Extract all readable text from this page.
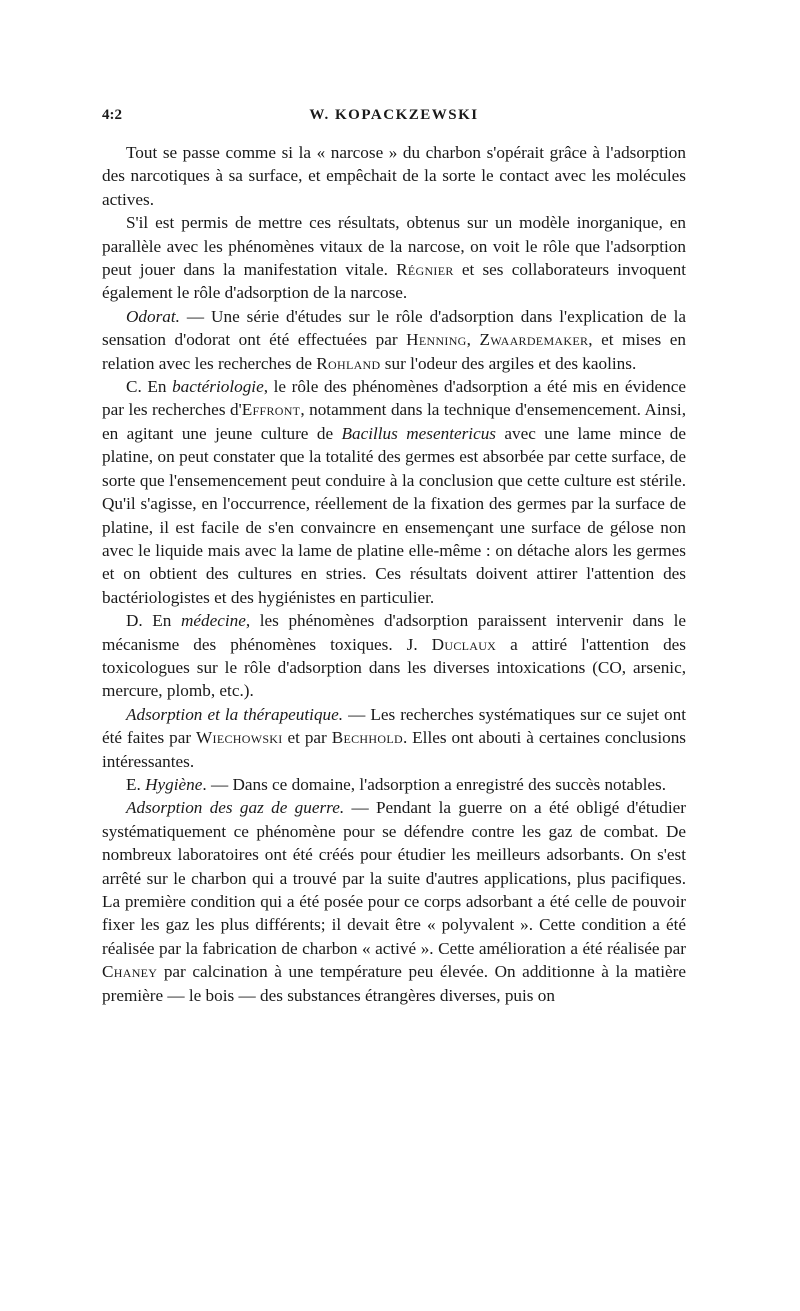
4:2	W. KOPACKZEWSKI

Tout se passe comme si la « narcose » du charbon s'opérait grâce à l'adsorption des narcotiques à sa surface, et empêchait de la sorte le contact avec les molécules actives.

S'il est permis de mettre ces résultats, obtenus sur un modèle inorganique, en parallèle avec les phénomènes vitaux de la narcose, on voit le rôle que l'adsorption peut jouer dans la manifestation vitale. Régnier et ses collaborateurs invoquent également le rôle d'adsorption de la narcose.

Odorat. — Une série d'études sur le rôle d'adsorption dans l'explication de la sensation d'odorat ont été effectuées par Henning, Zwaardemaker, et mises en relation avec les recherches de Rohland sur l'odeur des argiles et des kaolins.

C. En bactériologie, le rôle des phénomènes d'adsorption a été mis en évidence par les recherches d'Effront, notamment dans la technique d'ensemencement. Ainsi, en agitant une jeune culture de Bacillus mesentericus avec une lame mince de platine, on peut constater que la totalité des germes est absorbée par cette surface, de sorte que l'ensemencement peut conduire à la conclusion que cette culture est stérile. Qu'il s'agisse, en l'occurrence, réellement de la fixation des germes par la surface de platine, il est facile de s'en convaincre en ensemençant une surface de gélose non avec le liquide mais avec la lame de platine elle-même : on détache alors les germes et on obtient des cultures en stries. Ces résultats doivent attirer l'attention des bactériologistes et des hygiénistes en particulier.

D. En médecine, les phénomènes d'adsorption paraissent intervenir dans le mécanisme des phénomènes toxiques. J. Duclaux a attiré l'attention des toxicologues sur le rôle d'adsorption dans les diverses intoxications (CO, arsenic, mercure, plomb, etc.).

Adsorption et la thérapeutique. — Les recherches systématiques sur ce sujet ont été faites par Wiechowski et par Bechhold. Elles ont abouti à certaines conclusions intéressantes.

E. Hygiène. — Dans ce domaine, l'adsorption a enregistré des succès notables.

Adsorption des gaz de guerre. — Pendant la guerre on a été obligé d'étudier systématiquement ce phénomène pour se défendre contre les gaz de combat. De nombreux laboratoires ont été créés pour étudier les meilleurs adsorbants. On s'est arrêté sur le charbon qui a trouvé par la suite d'autres applications, plus pacifiques. La première condition qui a été posée pour ce corps adsorbant a été celle de pouvoir fixer les gaz les plus différents; il devait être « polyvalent ». Cette condition a été réalisée par la fabrication de charbon « activé ». Cette amélioration a été réalisée par Chaney par calcination à une température peu élevée. On additionne à la matière première — le bois — des substances étrangères diverses, puis on
